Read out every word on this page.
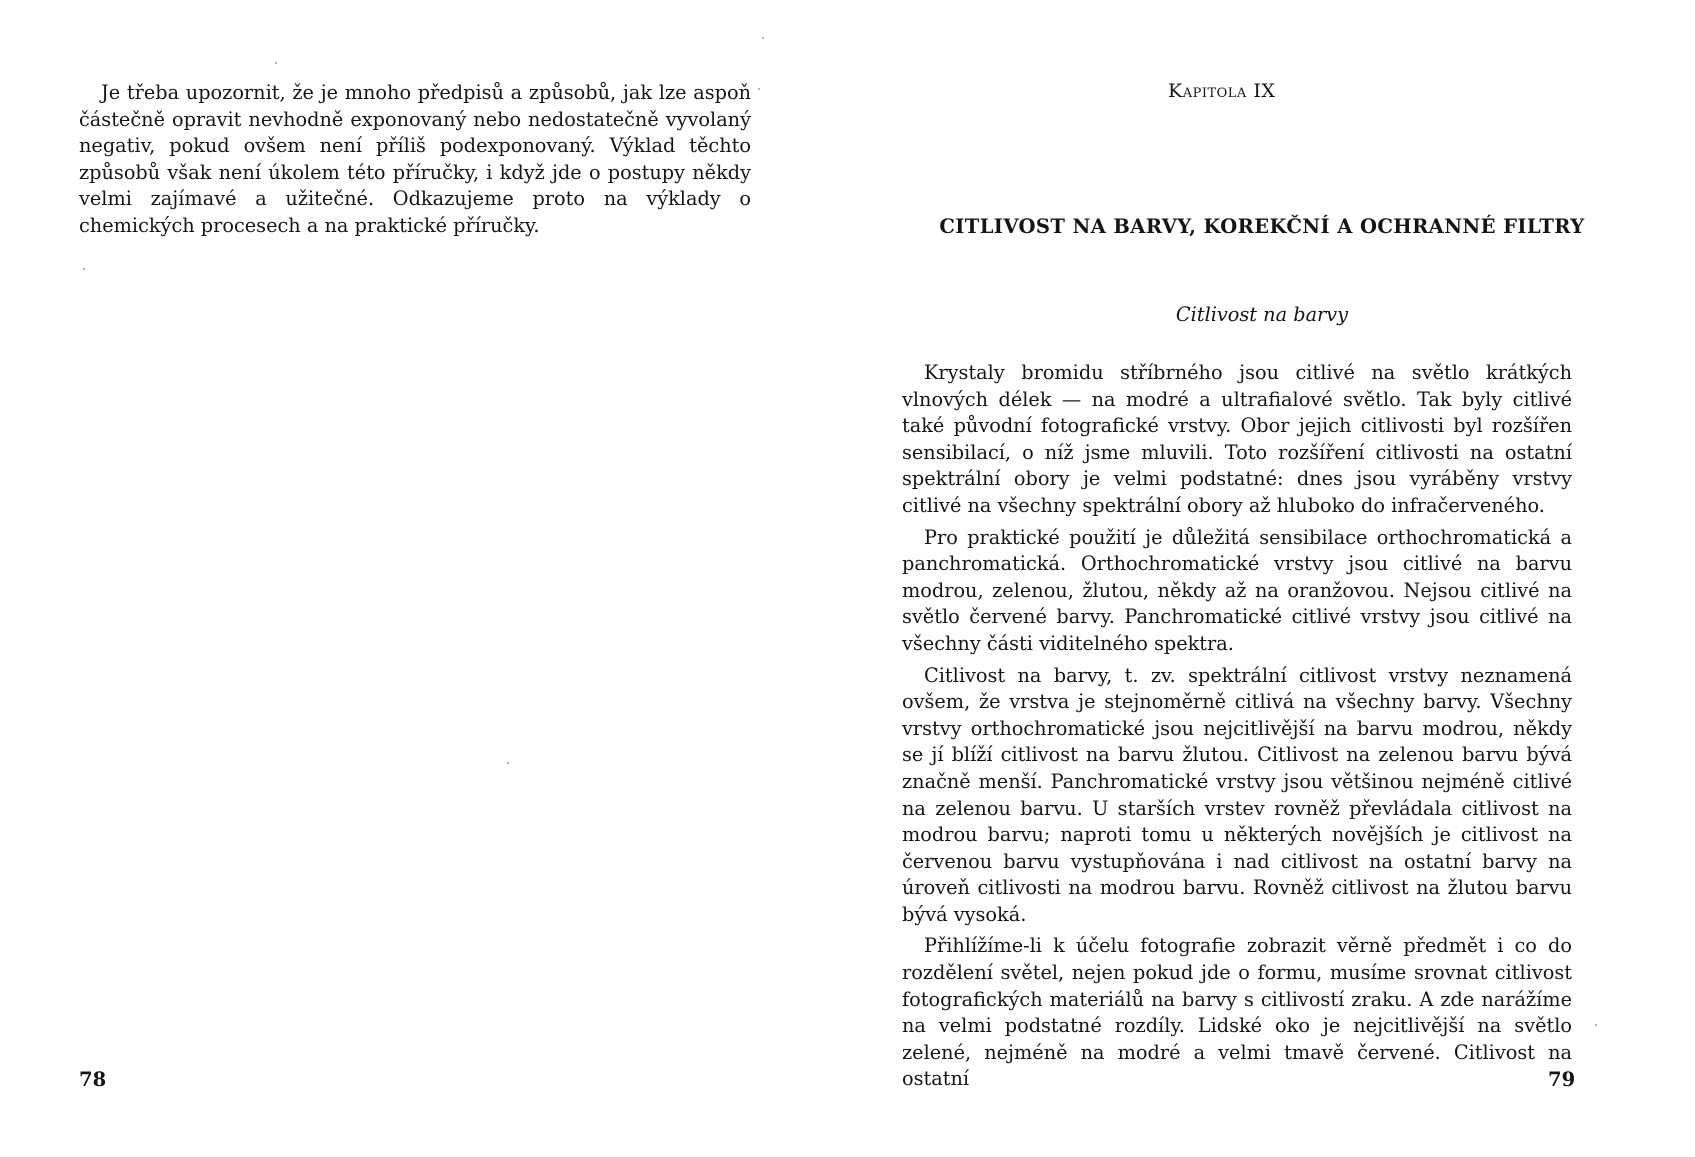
Je třeba upozornit, že je mnoho předpisů a způsobů, jak lze aspoň částečně opravit nevhodně exponovaný nebo nedostatečně vyvolaný negativ, pokud ovšem není příliš podexponovaný. Výklad těchto způsobů však není úkolem této příručky, i když jde o postupy někdy velmi zajímavé a užitečné. Odkazujeme proto na výklady o chemických procesech a na praktické příručky.

78
Kapitola IX
CITLIVOST NA BARVY, KOREKČNÍ A OCHRANNÉ FILTRY
Citlivost na barvy

Krystaly bromidu stříbrného jsou citlivé na světlo krátkých vlnových délek — na modré a ultrafialové světlo. Tak byly citlivé také původní fotografické vrstvy. Obor jejich citlivosti byl rozšířen sensibilací, o níž jsme mluvili. Toto rozšíření citlivosti na ostatní spektrální obory je velmi podstatné: dnes jsou vyráběny vrstvy citlivé na všechny spektrální obory až hluboko do infračerveného.

Pro praktické použití je důležitá sensibilace orthochromatická a panchromatická. Orthochromatické vrstvy jsou citlivé na barvu modrou, zelenou, žlutou, někdy až na oranžovou. Nejsou citlivé na světlo červené barvy. Panchromatické citlivé vrstvy jsou citlivé na všechny části viditelného spektra.

Citlivost na barvy, t. zv. spektrální citlivost vrstvy neznamená ovšem, že vrstva je stejnoměrně citlivá na všechny barvy. Všechny vrstvy orthochromatické jsou nejcitlivější na barvu modrou, někdy se jí blíží citlivost na barvu žlutou. Citlivost na zelenou barvu bývá značně menší. Panchromatické vrstvy jsou většinou nejméně citlivé na zelenou barvu. U starších vrstev rovněž převládala citlivost na modrou barvu; naproti tomu u některých novějších je citlivost na červenou barvu vystupňována i nad citlivost na ostatní barvy na úroveň citlivosti na modrou barvu. Rovněž citlivost na žlutou barvu bývá vysoká.

Přihlížíme-li k účelu fotografie zobrazit věrně předmět i co do rozdělení světel, nejen pokud jde o formu, musíme srovnat citlivost fotografických materiálů na barvy s citlivostí zraku. A zde narážíme na velmi podstatné rozdíly. Lidské oko je nejcitlivější na světlo zelené, nejméně na modré a velmi tmavě červené. Citlivost na ostatní	79
